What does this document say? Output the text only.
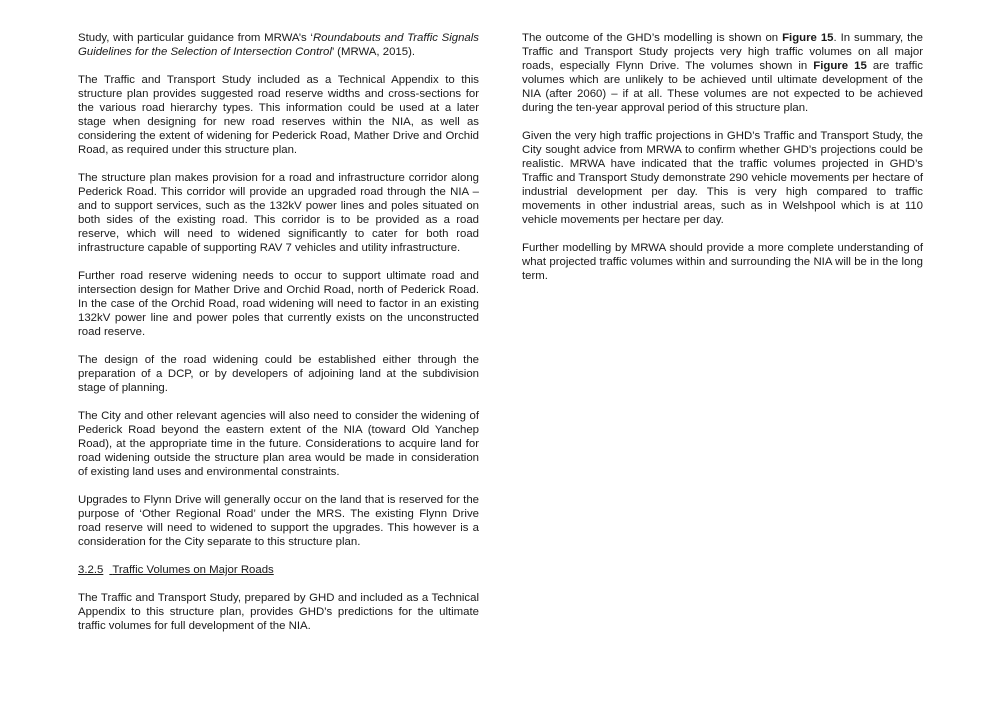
Study, with particular guidance from MRWA’s ‘Roundabouts and Traffic Signals Guidelines for the Selection of Intersection Control’ (MRWA, 2015).

The Traffic and Transport Study included as a Technical Appendix to this structure plan provides suggested road reserve widths and cross-sections for the various road hierarchy types. This information could be used at a later stage when designing for new road reserves within the NIA, as well as considering the extent of widening for Pederick Road, Mather Drive and Orchid Road, as required under this structure plan.

The structure plan makes provision for a road and infrastructure corridor along Pederick Road. This corridor will provide an upgraded road through the NIA – and to support services, such as the 132kV power lines and poles situated on both sides of the existing road. This corridor is to be provided as a road reserve, which will need to widened significantly to cater for both road infrastructure capable of supporting RAV 7 vehicles and utility infrastructure.

Further road reserve widening needs to occur to support ultimate road and intersection design for Mather Drive and Orchid Road, north of Pederick Road. In the case of the Orchid Road, road widening will need to factor in an existing 132kV power line and power poles that currently exists on the unconstructed road reserve.

The design of the road widening could be established either through the preparation of a DCP, or by developers of adjoining land at the subdivision stage of planning.

The City and other relevant agencies will also need to consider the widening of Pederick Road beyond the eastern extent of the NIA (toward Old Yanchep Road), at the appropriate time in the future. Considerations to acquire land for road widening outside the structure plan area would be made in consideration of existing land uses and environmental constraints.

Upgrades to Flynn Drive will generally occur on the land that is reserved for the purpose of ‘Other Regional Road’ under the MRS. The existing Flynn Drive road reserve will need to widened to support the upgrades. This however is a consideration for the City separate to this structure plan.

3.2.5 Traffic Volumes on Major Roads

The Traffic and Transport Study, prepared by GHD and included as a Technical Appendix to this structure plan, provides GHD’s predictions for the ultimate traffic volumes for full development of the NIA.

The outcome of the GHD’s modelling is shown on Figure 15. In summary, the Traffic and Transport Study projects very high traffic volumes on all major roads, especially Flynn Drive. The volumes shown in Figure 15 are traffic volumes which are unlikely to be achieved until ultimate development of the NIA (after 2060) – if at all. These volumes are not expected to be achieved during the ten-year approval period of this structure plan.

Given the very high traffic projections in GHD’s Traffic and Transport Study, the City sought advice from MRWA to confirm whether GHD’s projections could be realistic. MRWA have indicated that the traffic volumes projected in GHD’s Traffic and Transport Study demonstrate 290 vehicle movements per hectare of industrial development per day. This is very high compared to traffic movements in other industrial areas, such as in Welshpool which is at 110 vehicle movements per hectare per day.

Further modelling by MRWA should provide a more complete understanding of what projected traffic volumes within and surrounding the NIA will be in the long term.
